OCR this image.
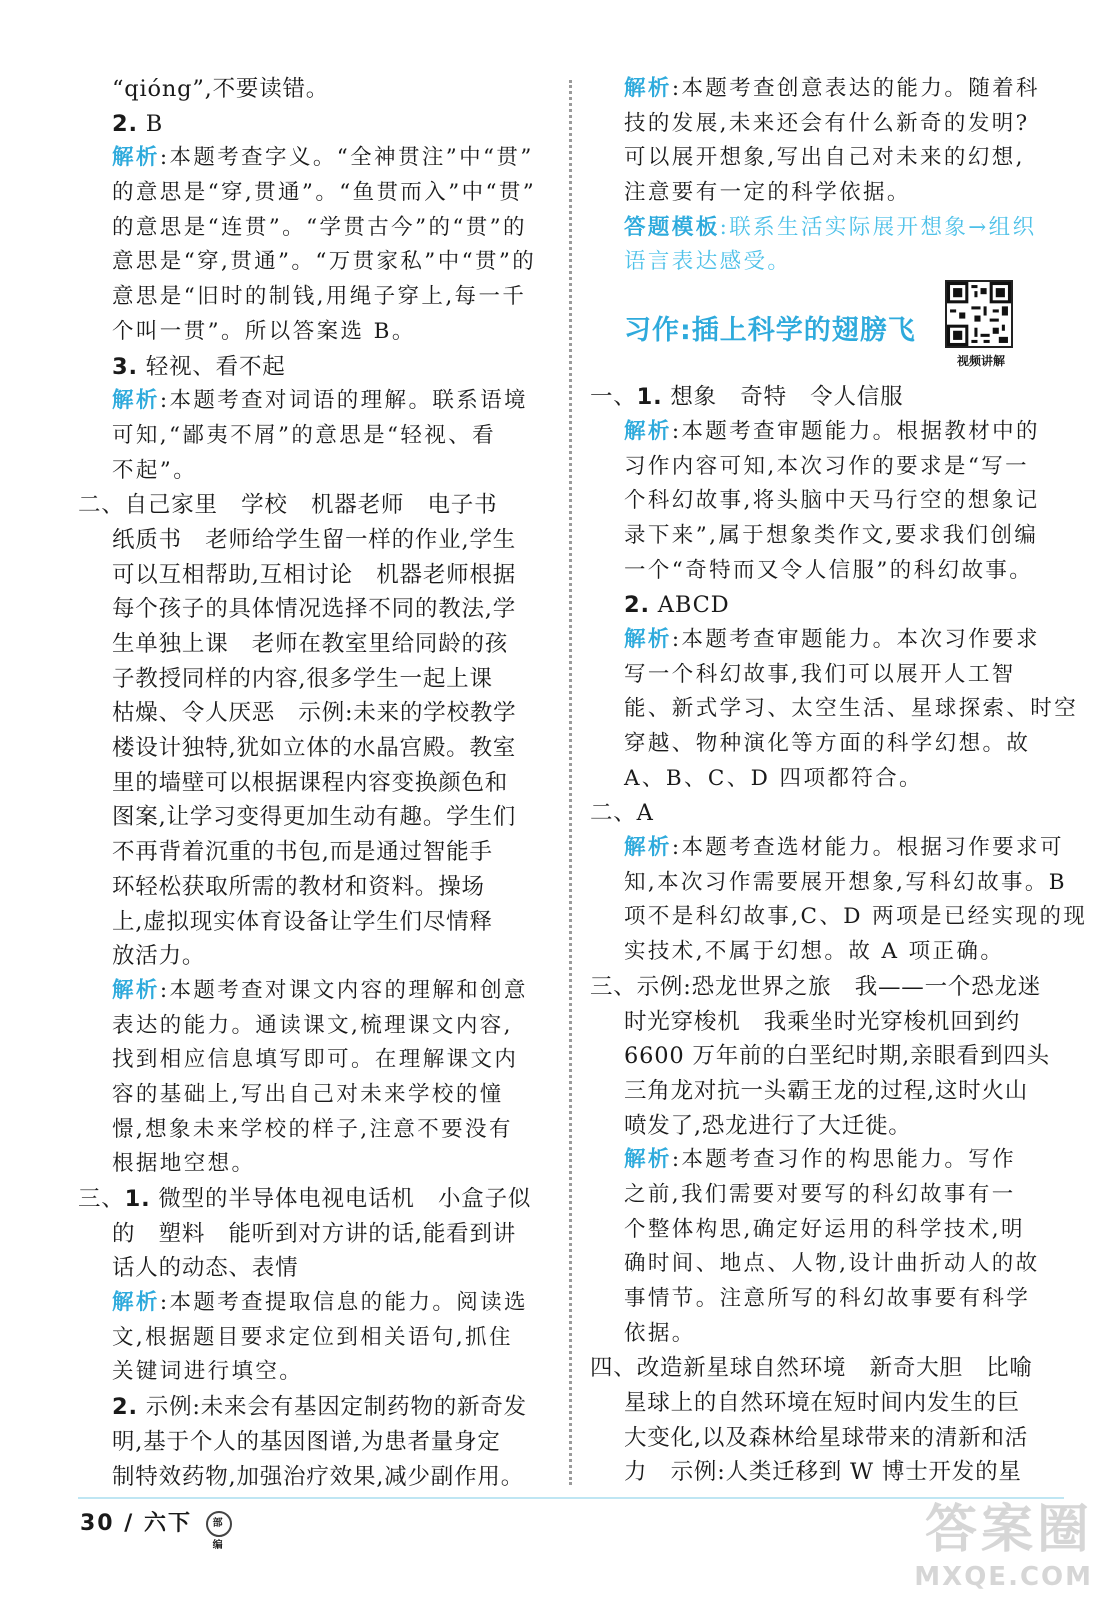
“qióng”,不要读错。
2. B
解析:本题考查字义。“全神贯注”中“贯”
的意思是“穿,贯通”。“鱼贯而入”中“贯”
的意思是“连贯”。“学贯古今”的“贯”的
意思是“穿,贯通”。“万贯家私”中“贯”的
意思是“旧时的制钱,用绳子穿上,每一千
个叫一贯”。所以答案选 B。
3. 轻视、看不起
解析:本题考查对词语的理解。联系语境
可知,“鄙夷不屑”的意思是“轻视、看
不起”。
二、自己家里　学校　机器老师　电子书
纸质书　老师给学生留一样的作业,学生
可以互相帮助,互相讨论　机器老师根据
每个孩子的具体情况选择不同的教法,学
生单独上课　老师在教室里给同龄的孩
子教授同样的内容,很多学生一起上课
枯燥、令人厌恶　示例:未来的学校教学
楼设计独特,犹如立体的水晶宫殿。教室
里的墙壁可以根据课程内容变换颜色和
图案,让学习变得更加生动有趣。学生们
不再背着沉重的书包,而是通过智能手
环轻松获取所需的教材和资料。操场
上,虚拟现实体育设备让学生们尽情释
放活力。
解析:本题考查对课文内容的理解和创意
表达的能力。通读课文,梳理课文内容,
找到相应信息填写即可。在理解课文内
容的基础上,写出自己对未来学校的憧
憬,想象未来学校的样子,注意不要没有
根据地空想。
三、1. 微型的半导体电视电话机　小盒子似
的　塑料　能听到对方讲的话,能看到讲
话人的动态、表情
解析:本题考查提取信息的能力。阅读选
文,根据题目要求定位到相关语句,抓住
关键词进行填空。
2. 示例:未来会有基因定制药物的新奇发
明,基于个人的基因图谱,为患者量身定
制特效药物,加强治疗效果,减少副作用。
解析:本题考查创意表达的能力。随着科
技的发展,未来还会有什么新奇的发明?
可以展开想象,写出自己对未来的幻想,
注意要有一定的科学依据。
答题模板:联系生活实际展开想象→组织
语言表达感受。
习作:插上科学的翅膀飞
视频讲解
一、1. 想象　奇特　令人信服
解析:本题考查审题能力。根据教材中的
习作内容可知,本次习作的要求是“写一
个科幻故事,将头脑中天马行空的想象记
录下来”,属于想象类作文,要求我们创编
一个“奇特而又令人信服”的科幻故事。
2. ABCD
解析:本题考查审题能力。本次习作要求
写一个科幻故事,我们可以展开人工智
能、新式学习、太空生活、星球探索、时空
穿越、物种演化等方面的科学幻想。故
A、B、C、D 四项都符合。
二、A
解析:本题考查选材能力。根据习作要求可
知,本次习作需要展开想象,写科幻故事。B
项不是科幻故事,C、D 两项是已经实现的现
实技术,不属于幻想。故 A 项正确。
三、示例:恐龙世界之旅　我——一个恐龙迷
时光穿梭机　我乘坐时光穿梭机回到约
6600 万年前的白垩纪时期,亲眼看到四头
三角龙对抗一头霸王龙的过程,这时火山
喷发了,恐龙进行了大迁徙。
解析:本题考查习作的构思能力。写作
之前,我们需要对要写的科幻故事有一
个整体构思,确定好运用的科学技术,明
确时间、地点、人物,设计曲折动人的故
事情节。注意所写的科幻故事要有科学
依据。
四、改造新星球自然环境　新奇大胆　比喻
星球上的自然环境在短时间内发生的巨
大变化,以及森林给星球带来的清新和活
力　示例:人类迁移到 W 博士开发的星
30 / 六下 部编	答案圈
MXQE.COM
